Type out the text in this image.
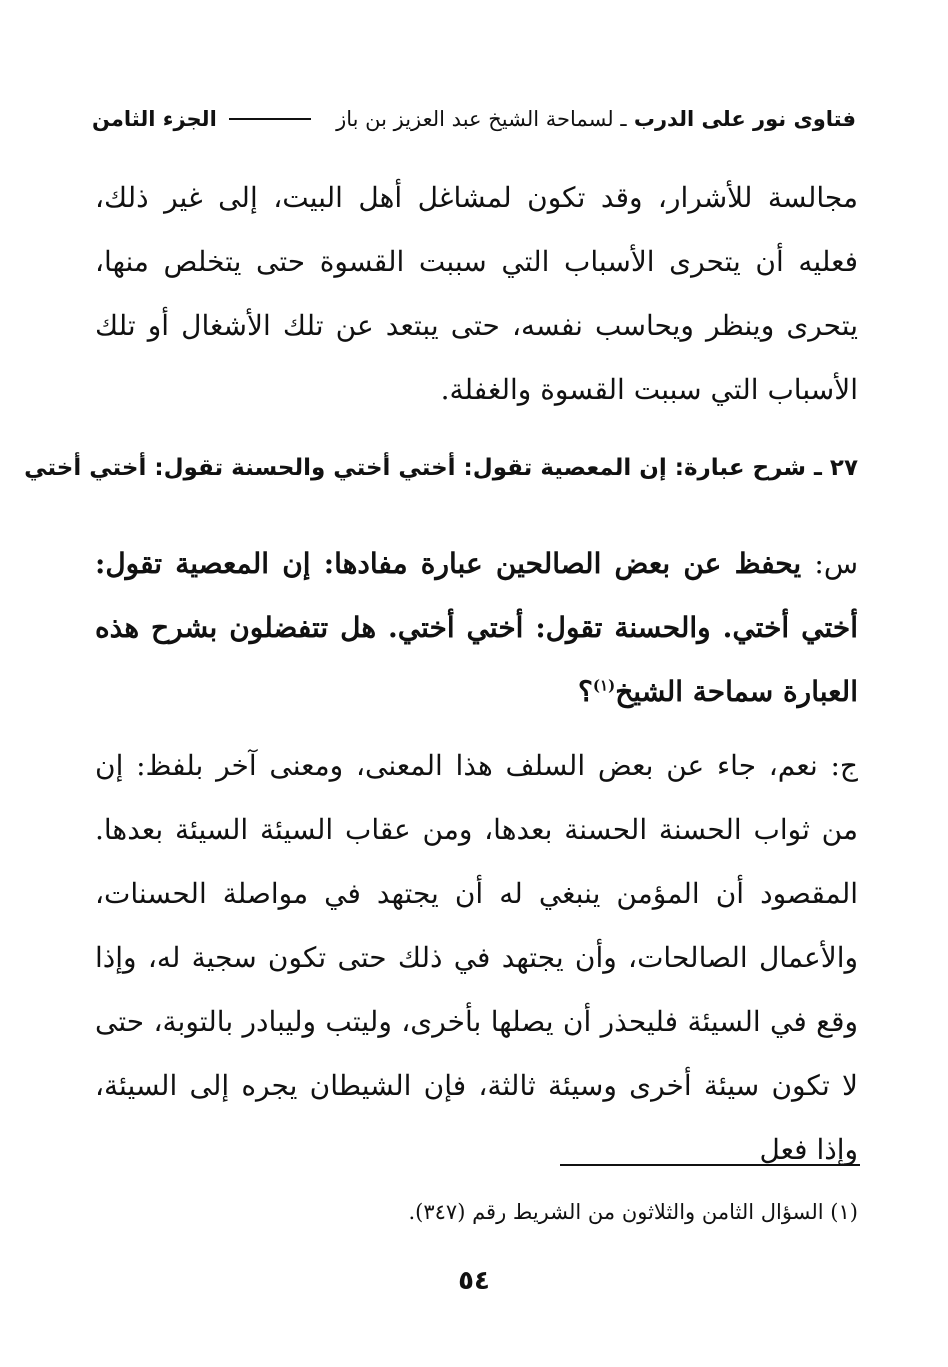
فتاوى نور على الدرب ـ لسماحة الشيخ عبد العزيز بن باز
الجزء الثامن
مجالسة للأشرار، وقد تكون لمشاغل أهل البيت، إلى غير ذلك، فعليه أن يتحرى الأسباب التي سببت القسوة حتى يتخلص منها، يتحرى وينظر ويحاسب نفسه، حتى يبتعد عن تلك الأشغال أو تلك الأسباب التي سببت القسوة والغفلة.
٢٧ ـ شرح عبارة: إن المعصية تقول: أختي أختي والحسنة تقول: أختي أختي
س: يحفظ عن بعض الصالحين عبارة مفادها: إن المعصية تقول: أختي أختي. والحسنة تقول: أختي أختي. هل تتفضلون بشرح هذه العبارة سماحة الشيخ$^{(١)}$؟
ج: نعم، جاء عن بعض السلف هذا المعنى، ومعنى آخر بلفظ: إن من ثواب الحسنة الحسنة بعدها، ومن عقاب السيئة السيئة بعدها. المقصود أن المؤمن ينبغي له أن يجتهد في مواصلة الحسنات، والأعمال الصالحات، وأن يجتهد في ذلك حتى تكون سجية له، وإذا وقع في السيئة فليحذر أن يصلها بأخرى، وليتب وليبادر بالتوبة، حتى لا تكون سيئة أخرى وسيئة ثالثة، فإن الشيطان يجره إلى السيئة، وإذا فعل
(١) السؤال الثامن والثلاثون من الشريط رقم (٣٤٧).
٥٤
